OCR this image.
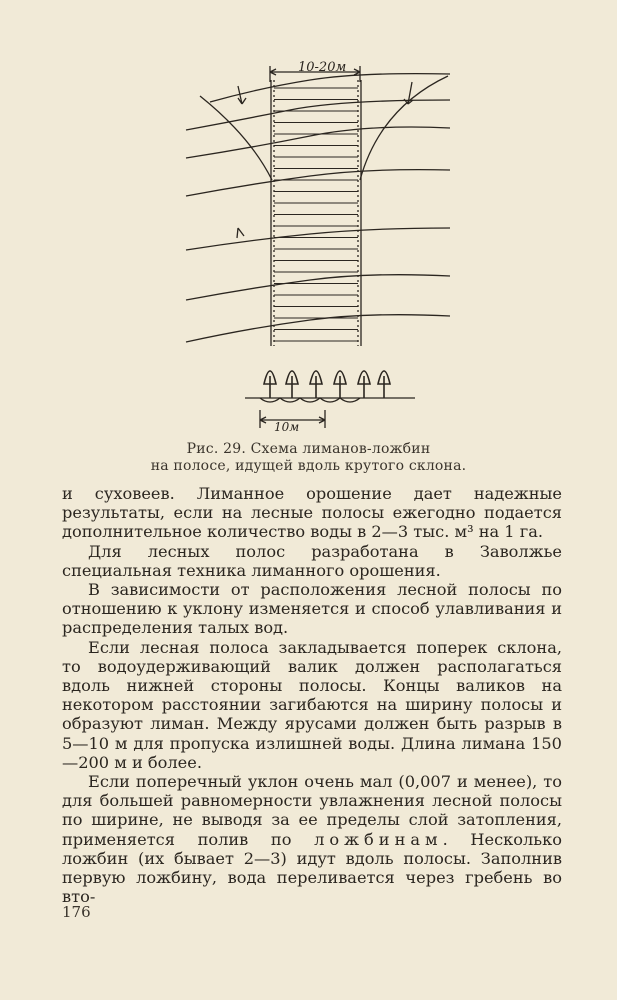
10-20м
10м
Рис. 29. Схема лиманов-ложбин
на полосе, идущей вдоль крутого склона.

и суховеев. Лиманное орошение дает надежные результаты, если на лесные полосы ежегодно подается дополнительное количество воды в 2—3 тыс. м³ на 1 га.

Для лесных полос разработана в Заволжье специальная техника лиманного орошения.

В зависимости от расположения лесной полосы по отношению к уклону изменяется и способ улавливания и распределения талых вод.

Если лесная полоса закладывается поперек склона, то водоудерживающий валик должен располагаться вдоль нижней стороны полосы. Концы валиков на некотором расстоянии загибаются на ширину полосы и образуют лиман. Между ярусами должен быть разрыв в 5—10 м для пропуска излишней воды. Длина лимана 150—200 м и более.

Если поперечный уклон очень мал (0,007 и менее), то для большей равномерности увлажнения лесной полосы по ширине, не выводя за ее пределы слой затопления, применяется полив по ложбинам. Несколько ложбин (их бывает 2—3) идут вдоль полосы. Заполнив первую ложбину, вода переливается через гребень во вто-

176
